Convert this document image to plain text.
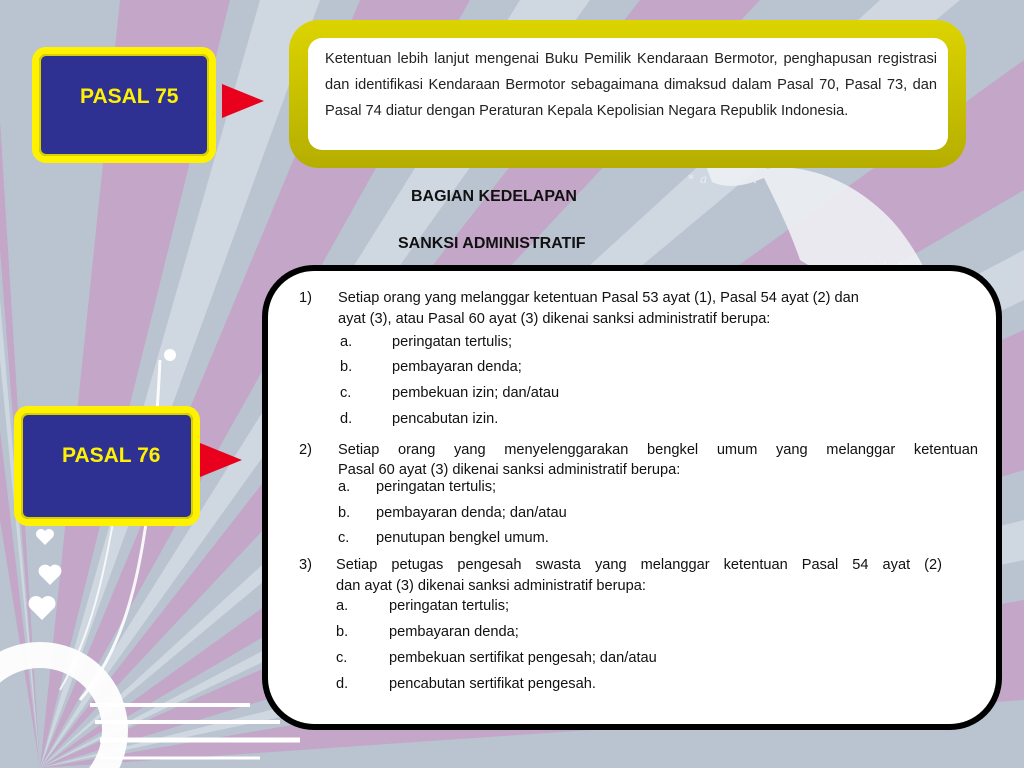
*angel
PASAL 75
Ketentuan lebih lanjut mengenai Buku Pemilik Kendaraan Bermotor, penghapusan registrasi dan identifikasi Kendaraan Bermotor sebagaimana dimaksud dalam Pasal 70, Pasal 73, dan Pasal 74 diatur dengan Peraturan Kepala Kepolisian Negara Republik Indonesia.
BAGIAN KEDELAPAN
SANKSI ADMINISTRATIF
PASAL 76
1) Setiap orang yang melanggar ketentuan Pasal 53 ayat (1), Pasal 54 ayat (2) dan
ayat (3), atau Pasal 60 ayat (3) dikenai sanksi administratif berupa:
a.	peringatan tertulis;
b.	pembayaran denda;
c.	pembekuan izin; dan/atau
d.	pencabutan izin.
2) Setiap orang yang menyelenggarakan bengkel umum yang melanggar ketentuan
Pasal 60 ayat (3) dikenai sanksi administratif berupa:
a. peringatan tertulis;
b. pembayaran denda; dan/atau
c. penutupan bengkel umum.
3) Setiap petugas pengesah swasta yang melanggar ketentuan Pasal 54 ayat (2)
dan ayat (3) dikenai sanksi administratif berupa:
a.	peringatan tertulis;
b.	pembayaran denda;
c.	pembekuan sertifikat pengesah; dan/atau
d.	pencabutan sertifikat pengesah.
